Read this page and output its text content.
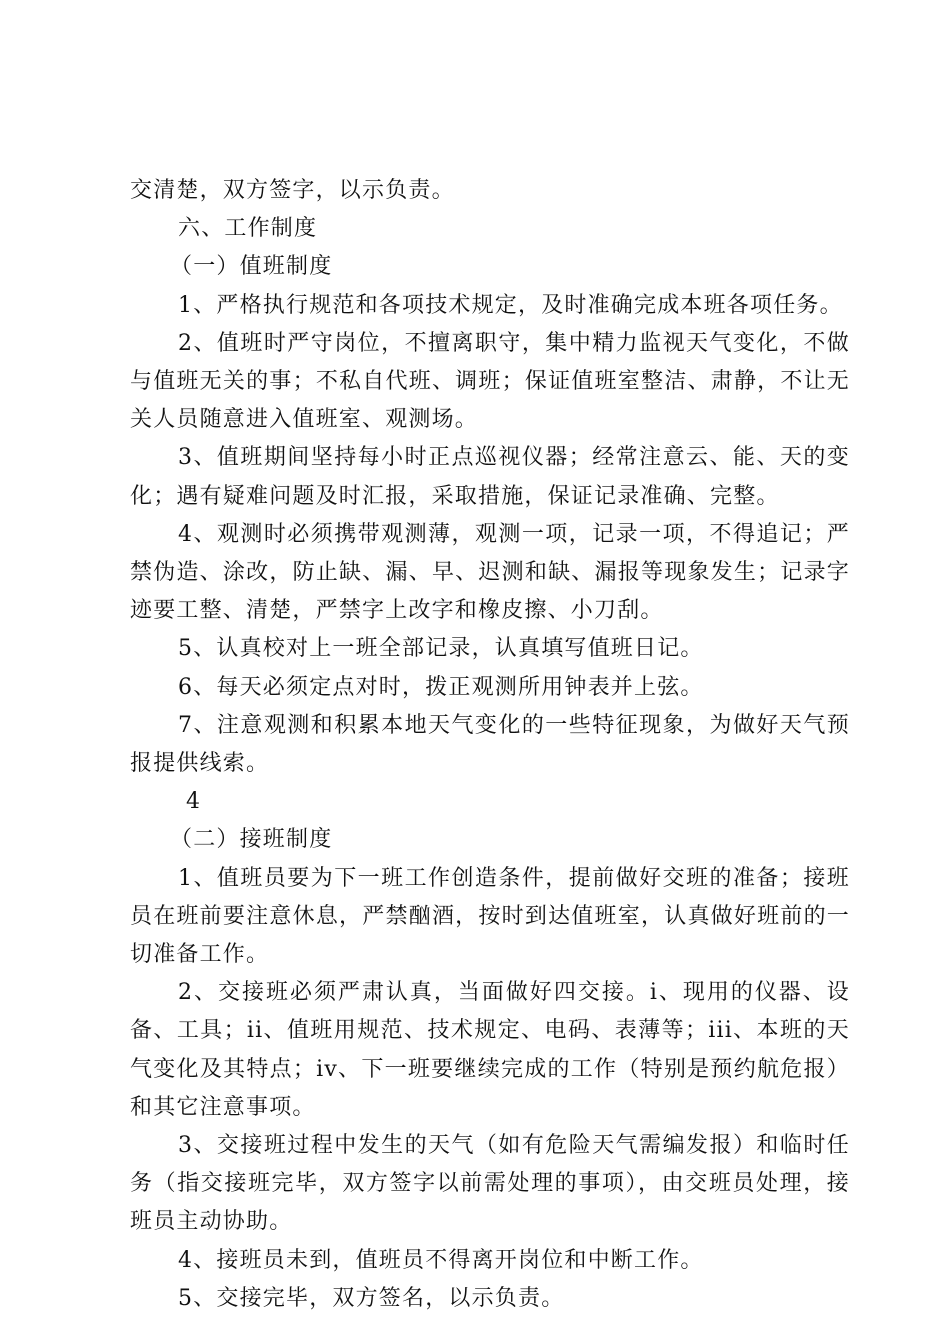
交清楚，双方签字，以示负责。

六、工作制度

（一）值班制度

1、严格执行规范和各项技术规定，及时准确完成本班各项任务。

2、值班时严守岗位，不擅离职守，集中精力监视天气变化，不做与值班无关的事；不私自代班、调班；保证值班室整洁、肃静，不让无关人员随意进入值班室、观测场。

3、值班期间坚持每小时正点巡视仪器；经常注意云、能、天的变化；遇有疑难问题及时汇报，采取措施，保证记录准确、完整。

4、观测时必须携带观测薄，观测一项，记录一项，不得追记；严禁伪造、涂改，防止缺、漏、早、迟测和缺、漏报等现象发生；记录字迹要工整、清楚，严禁字上改字和橡皮擦、小刀刮。

5、认真校对上一班全部记录，认真填写值班日记。

6、每天必须定点对时，拨正观测所用钟表并上弦。

7、注意观测和积累本地天气变化的一些特征现象，为做好天气预报提供线索。

4

（二）接班制度

1、值班员要为下一班工作创造条件，提前做好交班的准备；接班员在班前要注意休息，严禁酗酒，按时到达值班室，认真做好班前的一切准备工作。

2、交接班必须严肃认真，当面做好四交接。i、现用的仪器、设备、工具；ii、值班用规范、技术规定、电码、表薄等；iii、本班的天气变化及其特点；iv、下一班要继续完成的工作（特别是预约航危报）和其它注意事项。

3、交接班过程中发生的天气（如有危险天气需编发报）和临时任务（指交接班完毕，双方签字以前需处理的事项），由交班员处理，接班员主动协助。

4、接班员未到，值班员不得离开岗位和中断工作。

5、交接完毕，双方签名，以示负责。
